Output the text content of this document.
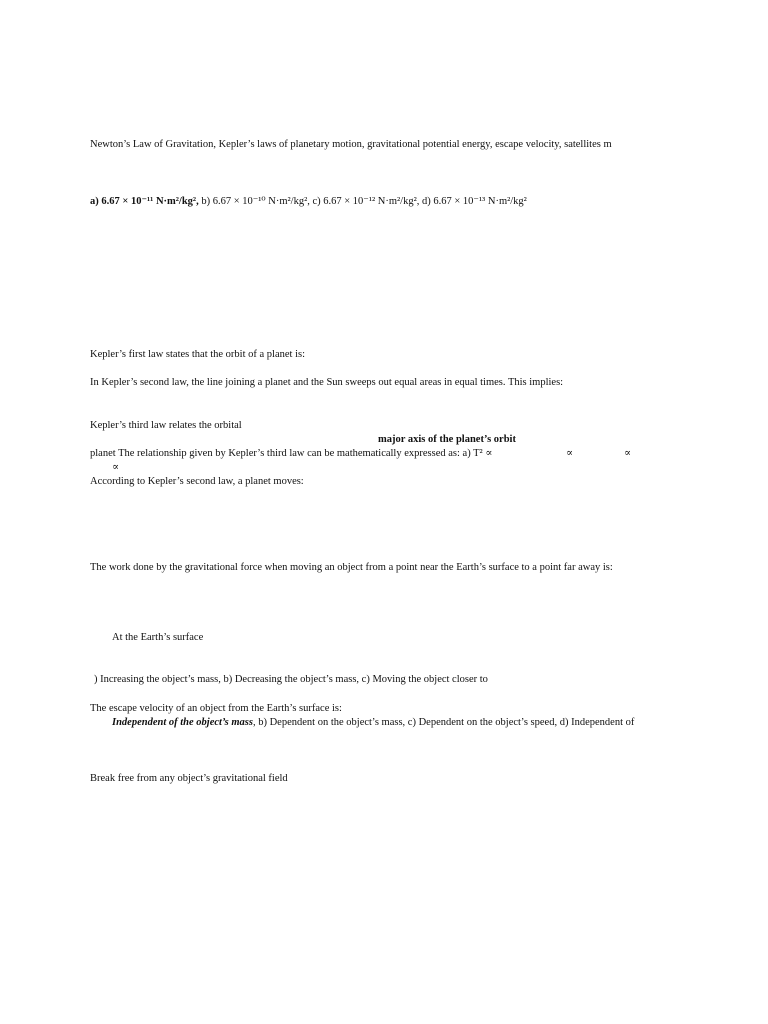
Newton’s Law of Gravitation, Kepler’s laws of planetary motion, gravitational potential energy, escape velocity, satellites m
a) 6.67 × 10⁻¹¹ N·m²/kg², b) 6.67 × 10⁻¹⁰ N·m²/kg², c) 6.67 × 10⁻¹² N·m²/kg², d) 6.67 × 10⁻¹³ N·m²/kg²
Kepler’s first law states that the orbit of a planet is:
In Kepler’s second law, the line joining a planet and the Sun sweeps out equal areas in equal times. This implies:
Kepler’s third law relates the orbital
major axis of the planet’s orbit
planet The relationship given by Kepler’s third law can be mathematically expressed as: a) T² ∝	∝	∝
∝
According to Kepler’s second law, a planet moves:
The work done by the gravitational force when moving an object from a point near the Earth’s surface to a point far away is:
At the Earth’s surface
) Increasing the object’s mass, b) Decreasing the object’s mass, c) Moving the object closer to
The escape velocity of an object from the Earth’s surface is:
Independent of the object’s mass, b) Dependent on the object’s mass, c) Dependent on the object’s speed, d) Independent of
Break free from any object’s gravitational field
